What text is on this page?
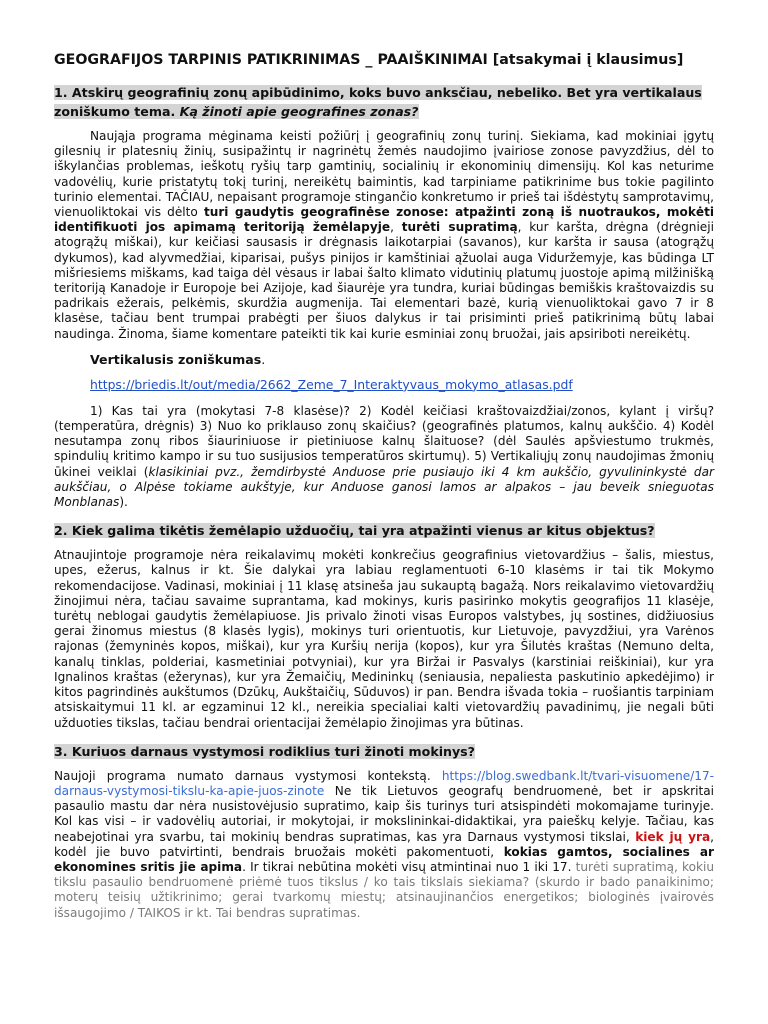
GEOGRAFIJOS TARPINIS PATIKRINIMAS _ PAAIŠKINIMAI [atsakymai į klausimus]
1. Atskirų geografinių zonų apibūdinimo, koks buvo anksčiau, nebeliko. Bet yra vertikalaus zoniškumo tema. Ką žinoti apie geografines zonas?

Naująja programa mėginama keisti požiūrį į geografinių zonų turinį. Siekiama, kad mokiniai įgytų gilesnių ir platesnių žinių, susipažintų ir nagrinėtų žemės naudojimo įvairiose zonose pavyzdžius, dėl to iškylančias problemas, ieškotų ryšių tarp gamtinių, socialinių ir ekonominių dimensijų. Kol kas neturime vadovėlių, kurie pristatytų tokį turinį, nereikėtų baimintis, kad tarpiniame patikrinime bus tokie pagilinto turinio elementai. TAČIAU, nepaisant programoje stingančio konkretumo ir prieš tai išdėstytų samprotavimų, vienuoliktokai vis dėlto turi gaudytis geografinėse zonose: atpažinti zoną iš nuotraukos, mokėti identifikuoti jos apimamą teritoriją žemėlapyje, turėti supratimą, kur karšta, drėgna (drėgnieji atogrąžų miškai), kur keičiasi sausasis ir drėgnasis laikotarpiai (savanos), kur karšta ir sausa (atogrąžų dykumos), kad alyvmedžiai, kiparisai, pušys pinijos ir kamštiniai ąžuolai auga Viduržemyje, kas būdinga LT mišriesiems miškams, kad taiga dėl vėsaus ir labai šalto klimato vidutinių platumų juostoje apimą milžinišką teritoriją Kanadoje ir Europoje bei Azijoje, kad šiaurėje yra tundra, kuriai būdingas bemiškis kraštovaizdis su padrikais ežerais, pelkėmis, skurdžia augmenija. Tai elementari bazė, kurią vienuoliktokai gavo 7 ir 8 klasėse, tačiau bent trumpai prabėgti per šiuos dalykus ir tai prisiminti prieš patikrinimą būtų labai naudinga. Žinoma, šiame komentare pateikti tik kai kurie esminiai zonų bruožai, jais apsiriboti nereikėtų.

Vertikalusis zoniškumas.
https://briedis.lt/out/media/2662_Zeme_7_Interaktyvaus_mokymo_atlasas.pdf

1) Kas tai yra (mokytasi 7-8 klasėse)? 2) Kodėl keičiasi kraštovaizdžiai/zonos, kylant į viršų? (temperatūra, drėgnis) 3) Nuo ko priklauso zonų skaičius? (geografinės platumos, kalnų aukščio. 4) Kodėl nesutampa zonų ribos šiauriniuose ir pietiniuose kalnų šlaituose? (dėl Saulės apšviestumo trukmės, spindulių kritimo kampo ir su tuo susijusios temperatūros skirtumų). 5) Vertikaliųjų zonų naudojimas žmonių ūkinei veiklai (klasikiniai pvz., žemdirbystė Anduose prie pusiaujo iki 4 km aukščio, gyvulininkystė dar aukščiau, o Alpėse tokiame aukštyje, kur Anduose ganosi lamos ar alpakos – jau beveik snieguotas Monblanas).

2. Kiek galima tikėtis žemėlapio užduočių, tai yra atpažinti vienus ar kitus objektus?

Atnaujintoje programoje nėra reikalavimų mokėti konkrečius geografinius vietovardžius – šalis, miestus, upes, ežerus, kalnus ir kt. Šie dalykai yra labiau reglamentuoti 6-10 klasėms ir tai tik Mokymo rekomendacijose. Vadinasi, mokiniai į 11 klasę atsineša jau sukauptą bagažą. Nors reikalavimo vietovardžių žinojimui nėra, tačiau savaime suprantama, kad mokinys, kuris pasirinko mokytis geografijos 11 klasėje, turėtų neblogai gaudytis žemėlapiuose. Jis privalo žinoti visas Europos valstybes, jų sostines, didžiuosius gerai žinomus miestus (8 klasės lygis), mokinys turi orientuotis, kur Lietuvoje, pavyzdžiui, yra Varėnos rajonas (žemyninės kopos, miškai), kur yra Kuršių nerija (kopos), kur yra Šilutės kraštas (Nemuno delta, kanalų tinklas, polderiai, kasmetiniai potvyniai), kur yra Biržai ir Pasvalys (karstiniai reiškiniai), kur yra Ignalinos kraštas (ežerynas), kur yra Žemaičių, Medininkų (seniausia, nepaliesta paskutinio apkedėjimo) ir kitos pagrindinės aukštumos (Dzūkų, Aukštaičių, Sūduvos) ir pan. Bendra išvada tokia – ruošiantis tarpiniam atsiskaitymui 11 kl. ar egzaminui 12 kl., nereikia specialiai kalti vietovardžių pavadinimų, jie negali būti užduoties tikslas, tačiau bendrai orientacijai žemėlapio žinojimas yra būtinas.

3. Kuriuos darnaus vystymosi rodiklius turi žinoti mokinys?

Naujoji programa numato darnaus vystymosi kontekstą. https://blog.swedbank.lt/tvari-visuomene/17-darnaus-vystymosi-tikslu-ka-apie-juos-zinote Ne tik Lietuvos geografų bendruomenė, bet ir apskritai pasaulio mastu dar nėra nusistovėjusio supratimo, kaip šis turinys turi atsispindėti mokomajame turinyje. Kol kas visi – ir vadovėlių autoriai, ir mokytojai, ir mokslininkai-didaktikai, yra paieškų kelyje. Tačiau, kas neabejotinai yra svarbu, tai mokinių bendras supratimas, kas yra Darnaus vystymosi tikslai, kiek jų yra, kodėl jie buvo patvirtinti, bendrais bruožais mokėti pakomentuoti, kokias gamtos, socialines ar ekonomines sritis jie apima. Ir tikrai nebūtina mokėti visų atmintinai nuo 1 iki 17. turėti supratimą, kokiu tikslu pasaulio bendruomenė priėmė tuos tikslus / ko tais tikslais siekiama? (skurdo ir bado panaikinimo; moterų teisių užtikrinimo; gerai tvarkomų miestų; atsinaujinančios energetikos; biologinės įvairovės išsaugojimo / TAIKOS ir kt. Tai bendras supratimas.
